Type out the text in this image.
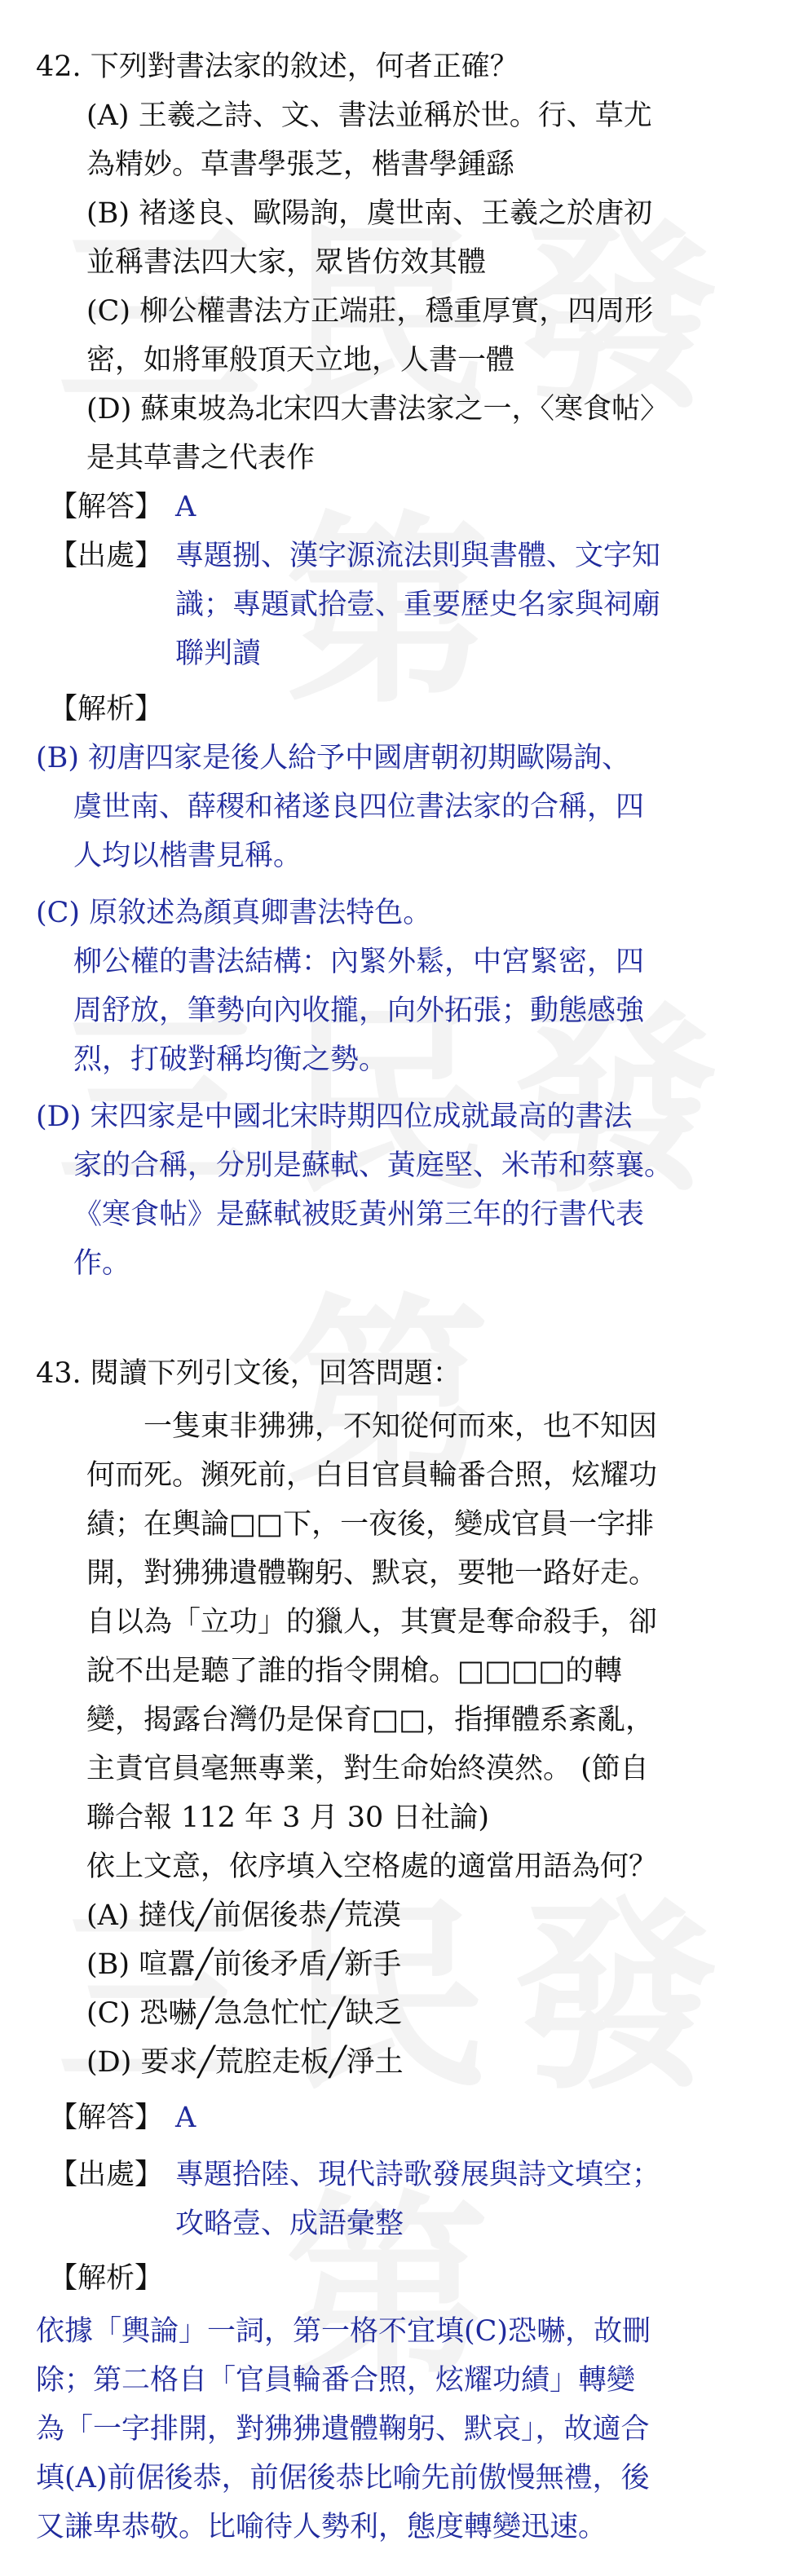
42. 下列對書法家的敘述，何者正確？
(A) 王羲之詩、文、書法並稱於世。行、草尤
為精妙。草書學張芝，楷書學鍾繇
(B) 褚遂良、歐陽詢，虞世南、王羲之於唐初
並稱書法四大家，眾皆仿效其體
(C) 柳公權書法方正端莊，穩重厚實，四周形
密，如將軍般頂天立地，人書一體
(D) 蘇東坡為北宋四大書法家之一，〈寒食帖〉
是其草書之代表作
【解答】 A
【出處】 專題捌、漢字源流法則與書體、文字知
識；專題貳拾壹、重要歷史名家與祠廟
聯判讀
【解析】
(B) 初唐四家是後人給予中國唐朝初期歐陽詢、
虞世南、薛稷和褚遂良四位書法家的合稱，四
人均以楷書見稱。
(C) 原敘述為顏真卿書法特色。
柳公權的書法結構：內緊外鬆，中宮緊密，四
周舒放，筆勢向內收攏，向外拓張；動態感強
烈，打破對稱均衡之勢。
(D) 宋四家是中國北宋時期四位成就最高的書法
家的合稱，分別是蘇軾、黃庭堅、米芾和蔡襄。
《寒食帖》是蘇軾被貶黃州第三年的行書代表
作。
43. 閱讀下列引文後，回答問題：
一隻東非狒狒，不知從何而來，也不知因
何而死。瀕死前，白目官員輪番合照，炫耀功
績；在輿論□□下，一夜後，變成官員一字排
開，對狒狒遺體鞠躬、默哀，要牠一路好走。
自以為「立功」的獵人，其實是奪命殺手，卻
說不出是聽了誰的指令開槍。□□□□的轉
變，揭露台灣仍是保育□□，指揮體系紊亂，
主責官員毫無專業，對生命始終漠然。 (節自
聯合報 112 年 3 月 30 日社論)
依上文意，依序填入空格處的適當用語為何？
(A) 撻伐╱前倨後恭╱荒漠
(B) 喧囂╱前後矛盾╱新手
(C) 恐嚇╱急急忙忙╱缺乏
(D) 要求╱荒腔走板╱淨土
【解答】 A
【出處】 專題拾陸、現代詩歌發展與詩文填空；
攻略壹、成語彙整
【解析】
依據「輿論」一詞，第一格不宜填(C)恐嚇，故刪
除；第二格自「官員輪番合照，炫耀功績」轉變
為「一字排開，對狒狒遺體鞠躬、默哀」，故適合
填(A)前倨後恭，前倨後恭比喻先前傲慢無禮，後
又謙卑恭敬。比喻待人勢利，態度轉變迅速。
